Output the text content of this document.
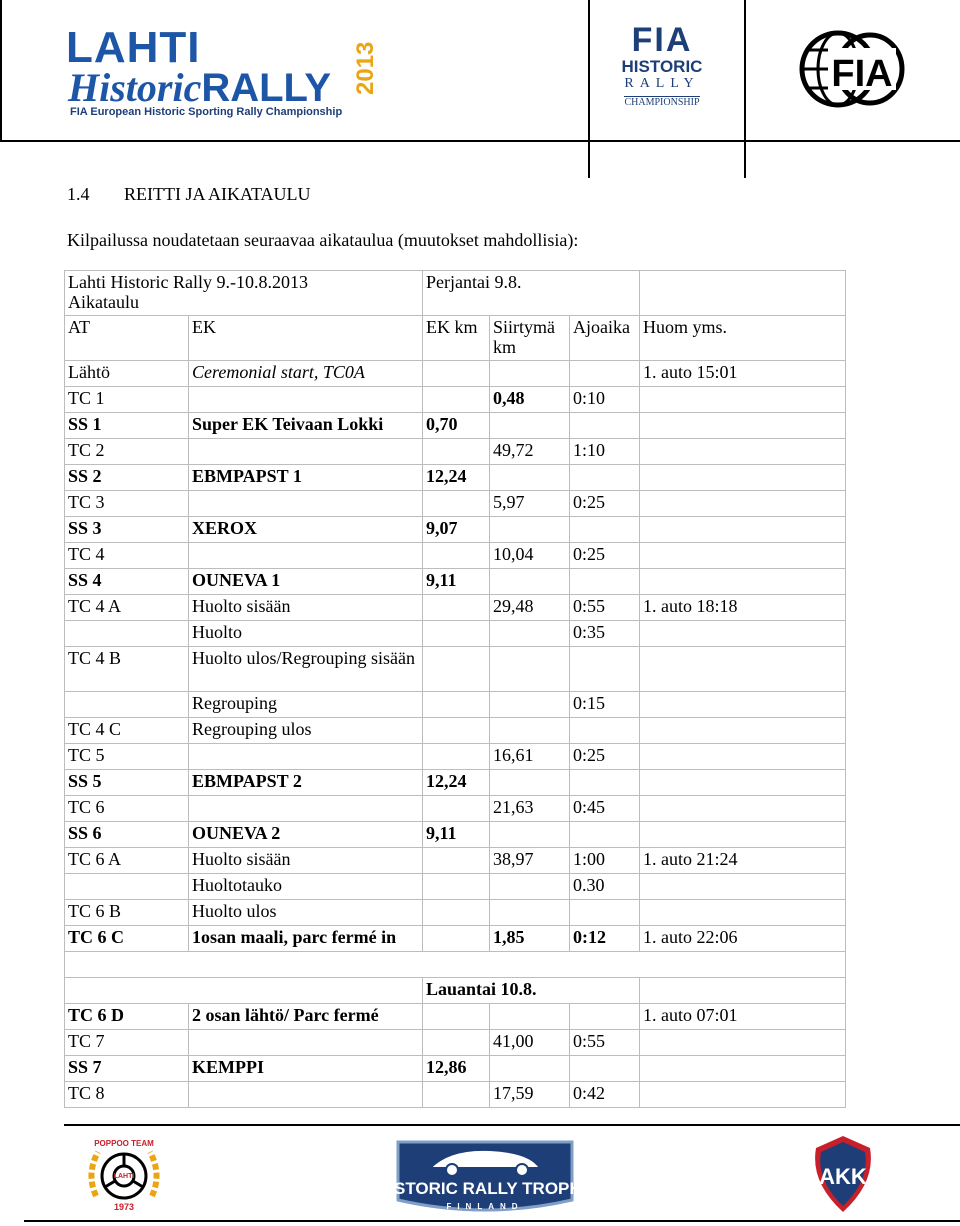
LAHTI
HistoricRALLY 2013
FIA European Historic Sporting Rally Championship
FIA
HISTORIC
RALLY
CHAMPIONSHIP
FIA
1.4 REITTI JA AIKATAULU
Kilpailussa noudatetaan seuraavaa aikataulua (muutokset mahdollisia):
Lahti Historic Rally 9.-10.8.2013
Aikataulu		Perjantai 9.8.			
AT	EK	EK km	Siirtymä km	Ajoaika	Huom yms.
Lähtö	Ceremonial start, TC0A				1. auto 15:01
TC 1			0,48	0:10	
SS 1	Super EK Teivaan Lokki	0,70			
TC 2			49,72	1:10	
SS 2	EBMPAPST 1	12,24			
TC 3			5,97	0:25	
SS 3	XEROX	9,07			
TC 4			10,04	0:25	
SS 4	OUNEVA 1	9,11			
TC 4 A	Huolto sisään		29,48	0:55	1. auto 18:18
	Huolto			0:35	
TC 4 B	Huolto ulos/Regrouping sisään				
	Regrouping			0:15	
TC 4 C	Regrouping ulos				
TC 5			16,61	0:25	
SS 5	EBMPAPST 2	12,24			
TC 6			21,63	0:45	
SS 6	OUNEVA 2	9,11			
TC 6 A	Huolto sisään		38,97	1:00	1. auto 21:24
	Huoltotauko			0.30	
TC 6 B	Huolto ulos				
TC 6 C	1osan maali, parc fermé in		1,85	0:12	1. auto 22:06

		Lauantai 10.8.			
TC 6 D	2 osan lähtö/ Parc fermé				1. auto 07:01
TC 7			41,00	0:55	
SS 7	KEMPPI	12,86			
TC 8			17,59	0:42	
POPPOO TEAM
LAHTI
1973
HISTORIC RALLY TROPHY
FINLAND
AKK
